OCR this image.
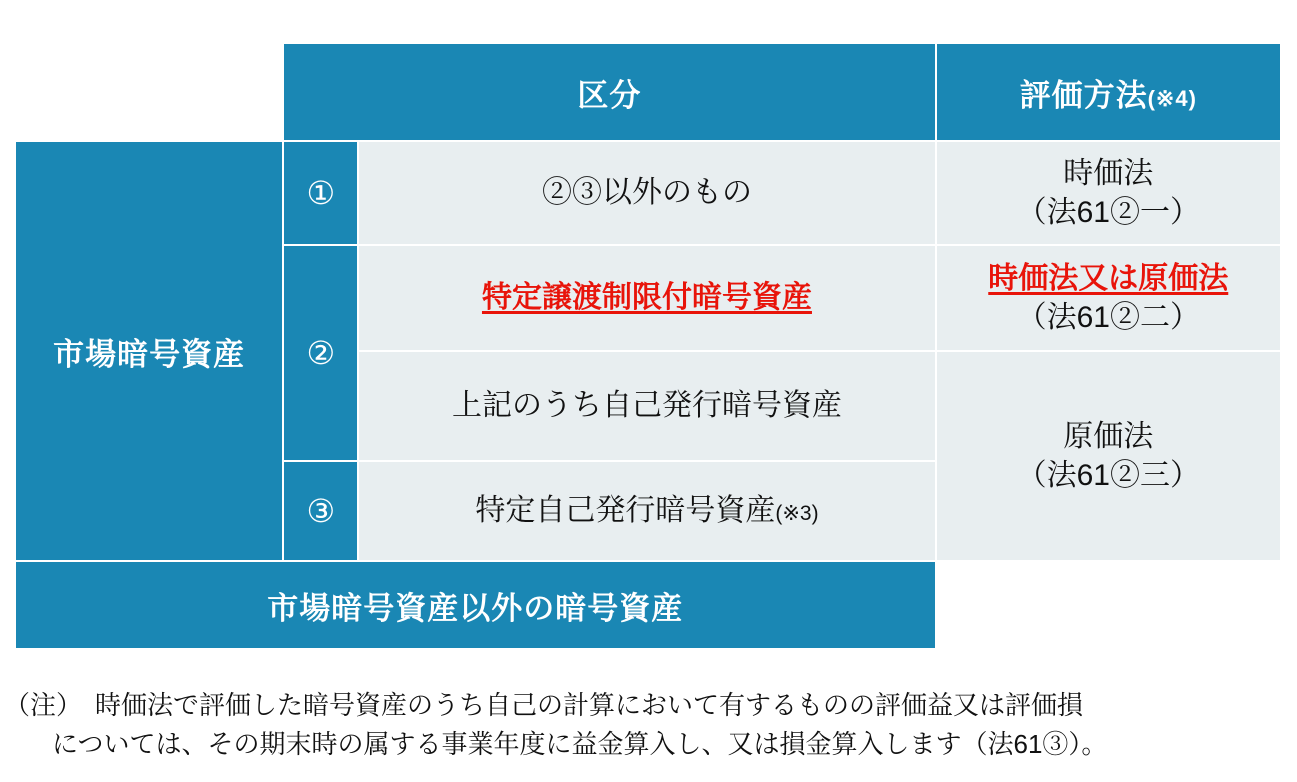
	区分		評価方法(※4)
市場暗号資産	①	②③以外のもの	時価法
（法61②一）

	②	特定譲渡制限付暗号資産	時価法又は原価法
（法61②二）

		上記のうち自己発行暗号資産	原価法
（法61②三）

	③	特定自己発行暗号資産(※3)	
市場暗号資産以外の暗号資産			
（注）　時価法で評価した暗号資産のうち自己の計算において有するものの評価益又は評価損
については、その期末時の属する事業年度に益金算入し、又は損金算入します（法61③）。
